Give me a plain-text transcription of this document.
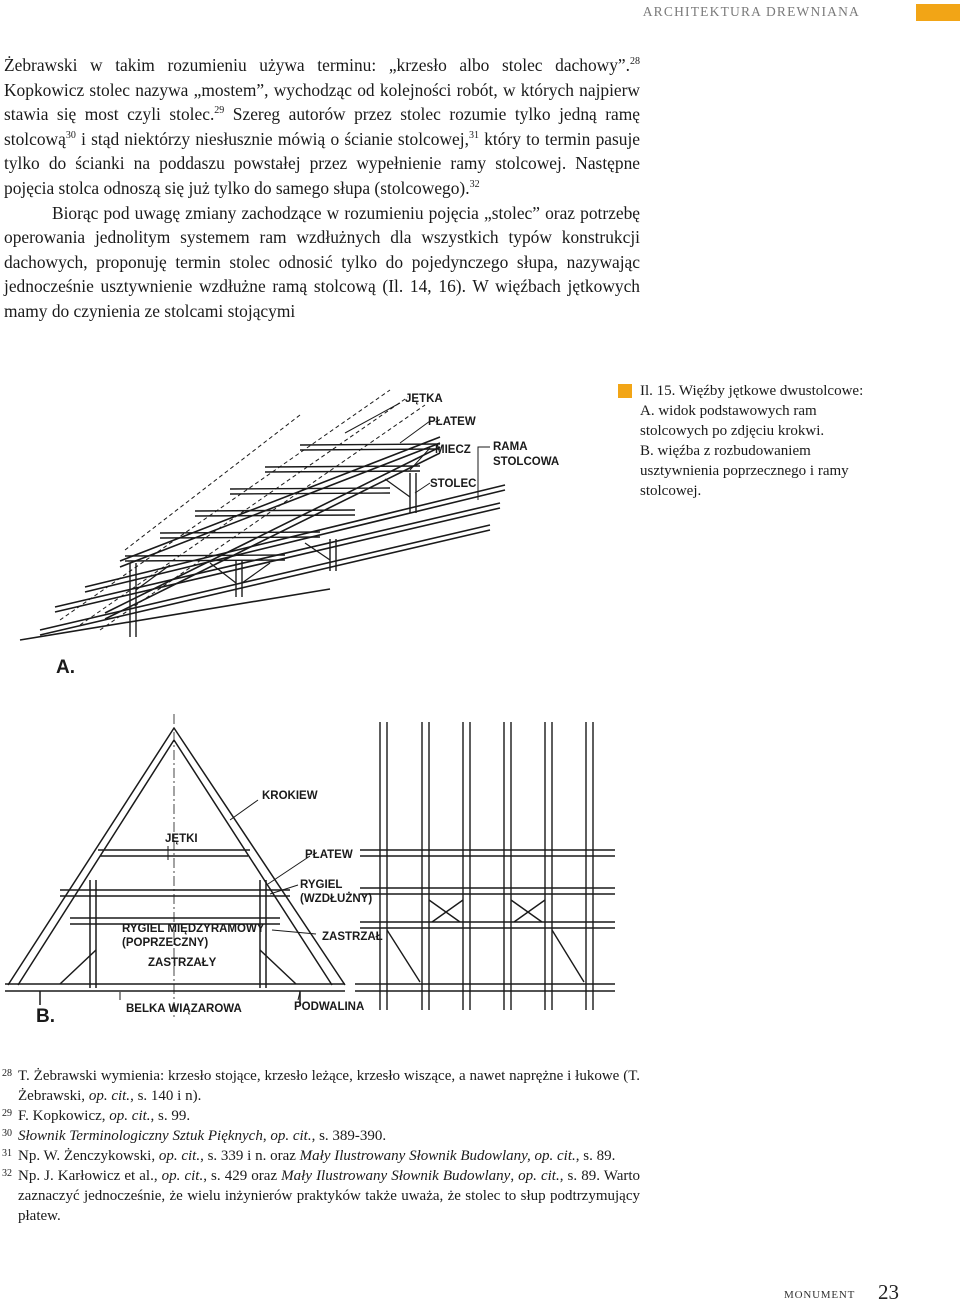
ARCHITEKTURA DREWNIANA

Żebrawski w takim rozumieniu używa terminu: „krzesło albo stolec dachowy”.$^{28}$ Kopkowicz stolec nazywa „mostem”, wychodząc od kolejności robót, w których najpierw stawia się most czyli stolec.$^{29}$ Szereg autorów przez stolec rozumie tylko jedną ramę stolcową$^{30}$ i stąd niektórzy niesłusznie mówią o ścianie stolcowej,$^{31}$ który to termin pasuje tylko do ścianki na poddaszu powstałej przez wypełnienie ramy stolcowej. Następne pojęcia stolca odnoszą się już tylko do samego słupa (stolcowego).$^{32}$

Biorąc pod uwagę zmiany zachodzące w rozumieniu pojęcia „stolec” oraz potrzebę operowania jednolitym systemem ram wzdłużnych dla wszystkich typów konstrukcji dachowych, proponuję termin stolec odnosić tylko do pojedynczego słupa, nazywając jednocześnie usztywnienie wzdłużne ramą stolcową (Il. 14, 16). W więźbach jętkowych mamy do czynienia ze stolcami stojącymi

Il. 15. Więźby jętkowe dwustolcowe:
A. widok podstawowych ram
stolcowych po zdjęciu krokwi.
B. więźba z rozbudowaniem
usztywnienia poprzecznego i ramy
stolcowej.
JĘTKA
PŁATEW
MIECZ
STOLEC
RAMA
STOLCOWA
A.
KROKIEW
JĘTKI
PŁATEW
RYGIEL
(WZDŁUŻNY)
ZASTRZAŁ
RYGIEL MIĘDZYRAMOWY
(POPRZECZNY)
ZASTRZAŁY
BELKA WIĄZAROWA	PODWALINA
B.
28 T. Żebrawski wymienia: krzesło stojące, krzesło leżące, krzesło wiszące, a nawet naprężne i łukowe (T. Żebrawski, op. cit., s. 140 i n).
29 F. Kopkowicz, op. cit., s. 99.
30 Słownik Terminologiczny Sztuk Pięknych, op. cit., s. 389-390.
31 Np. W. Żenczykowski, op. cit., s. 339 i n. oraz Mały Ilustrowany Słownik Budowlany, op. cit., s. 89.
32 Np. J. Karłowicz et al., op. cit., s. 429 oraz Mały Ilustrowany Słownik Budowlany, op. cit., s. 89. Warto zaznaczyć jednocześnie, że wielu inżynierów praktyków także uważa, że stolec to słup podtrzymujący płatew.
MONUMENT 23
